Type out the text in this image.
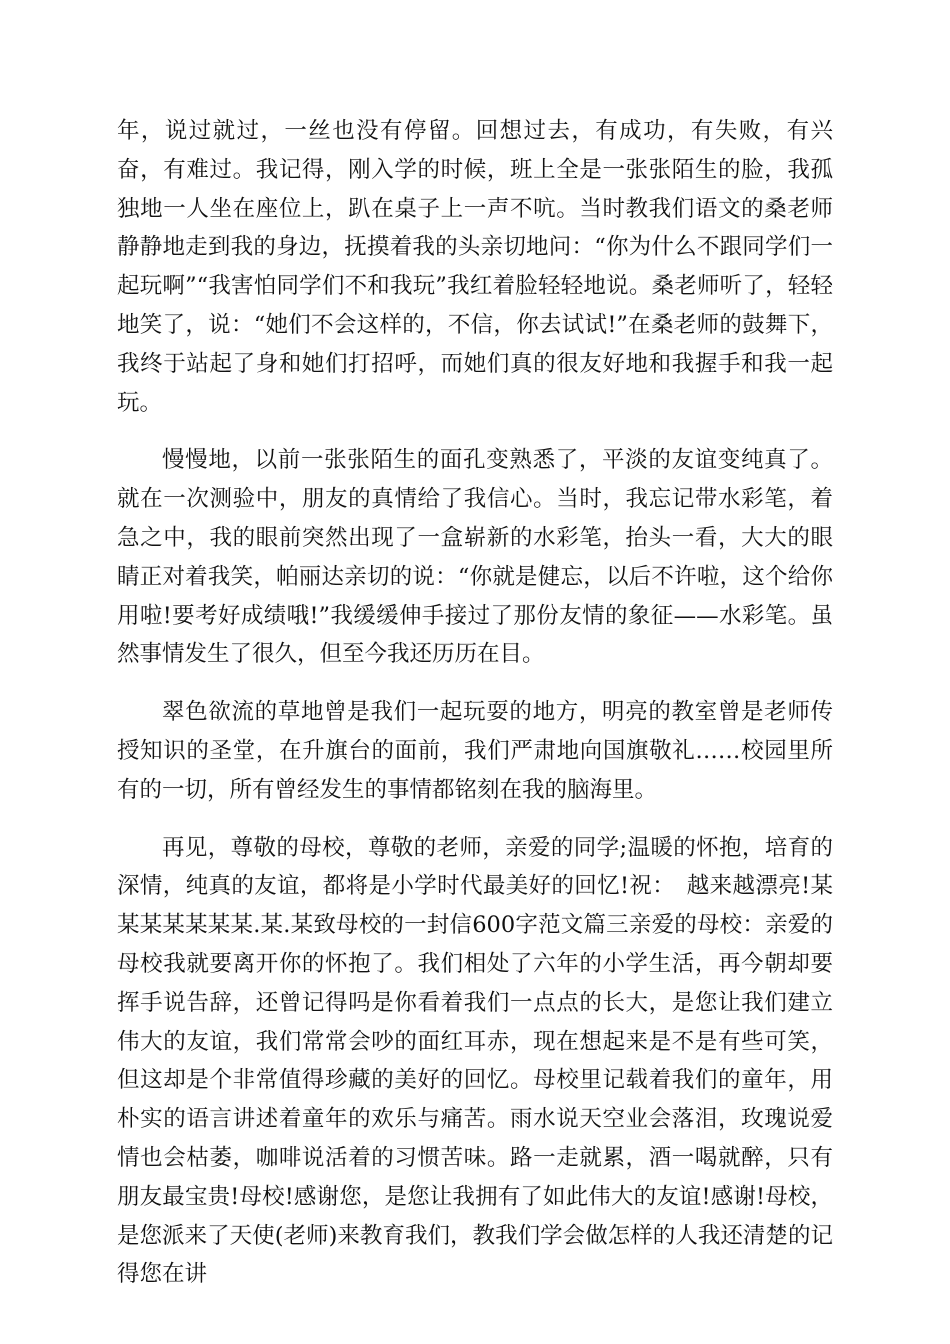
年，说过就过，一丝也没有停留。回想过去，有成功，有失败，有兴奋，有难过。我记得，刚入学的时候，班上全是一张张陌生的脸，我孤独地一人坐在座位上，趴在桌子上一声不吭。当时教我们语文的桑老师静静地走到我的身边，抚摸着我的头亲切地问：“你为什么不跟同学们一起玩啊”“我害怕同学们不和我玩”我红着脸轻轻地说。桑老师听了，轻轻地笑了，说：“她们不会这样的，不信，你去试试!”在桑老师的鼓舞下，我终于站起了身和她们打招呼，而她们真的很友好地和我握手和我一起玩。

慢慢地，以前一张张陌生的面孔变熟悉了，平淡的友谊变纯真了。就在一次测验中，朋友的真情给了我信心。当时，我忘记带水彩笔，着急之中，我的眼前突然出现了一盒崭新的水彩笔，抬头一看，大大的眼睛正对着我笑，帕丽达亲切的说：“你就是健忘，以后不许啦，这个给你用啦!要考好成绩哦!”我缓缓伸手接过了那份友情的象征——水彩笔。虽然事情发生了很久，但至今我还历历在目。

翠色欲流的草地曾是我们一起玩耍的地方，明亮的教室曾是老师传授知识的圣堂，在升旗台的面前，我们严肃地向国旗敬礼……校园里所有的一切，所有曾经发生的事情都铭刻在我的脑海里。

再见，尊敬的母校，尊敬的老师，亲爱的同学;温暖的怀抱，培育的深情，纯真的友谊，都将是小学时代最美好的回忆!祝：　越来越漂亮!某某某某某某某.某.某致母校的一封信600字范文篇三亲爱的母校：亲爱的母校我就要离开你的怀抱了。我们相处了六年的小学生活，再今朝却要挥手说告辞，还曾记得吗是你看着我们一点点的长大，是您让我们建立伟大的友谊，我们常常会吵的面红耳赤，现在想起来是不是有些可笑，但这却是个非常值得珍藏的美好的回忆。母校里记载着我们的童年，用朴实的语言讲述着童年的欢乐与痛苦。雨水说天空业会落泪，玫瑰说爱情也会枯萎，咖啡说活着的习惯苦味。路一走就累，酒一喝就醉，只有朋友最宝贵!母校!感谢您，是您让我拥有了如此伟大的友谊!感谢!母校，是您派来了天使(老师)来教育我们，教我们学会做怎样的人我还清楚的记得您在讲
